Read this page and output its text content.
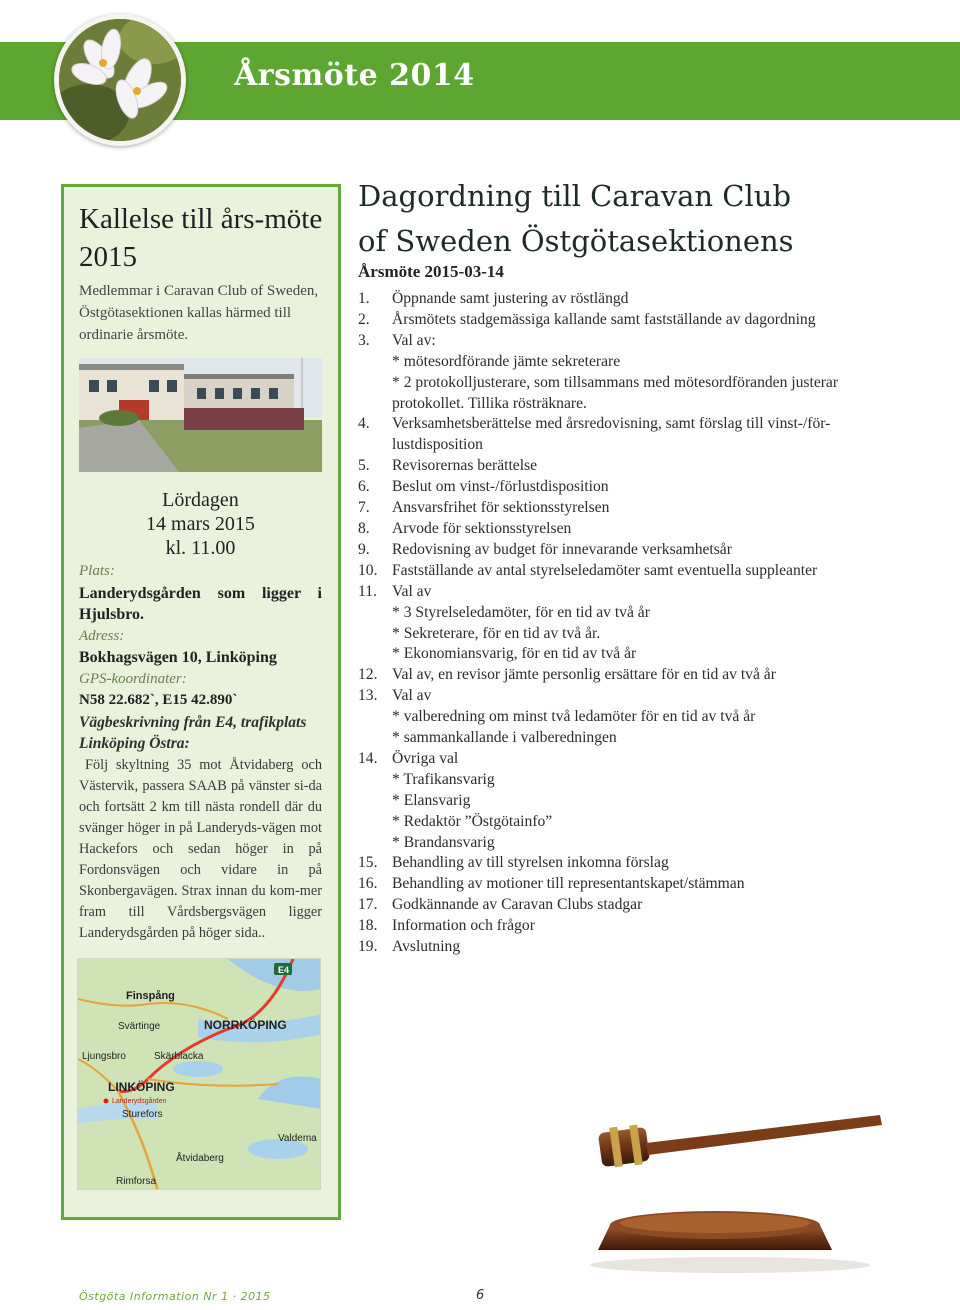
Årsmöte 2014
Kallelse till års-möte 2015
Medlemmar i Caravan Club of Sweden, Östgötasektionen kallas härmed till ordinarie årsmöte.
Lördagen
14 mars 2015
kl. 11.00
Plats:
Landerydsgården som ligger i Hjulsbro.
Adress:
Bokhagsvägen 10, Linköping
GPS-koordinater:
N58 22.682`, E15 42.890`
Vägbeskrivning från E4, trafikplats Linköping Östra:
Följ skyltning 35 mot Åtvidaberg och Västervik, passera SAAB på vänster si-da och fortsätt 2 km till nästa rondell där du svänger höger in på Landeryds-vägen mot Hackefors och sedan höger in på Fordonsvägen och vidare in på Skonbergavägen. Strax innan du kom-mer fram till Vårdsbergsvägen ligger Landerydsgården på höger sida..
E4
Finspång
Svärtinge	NORRKÖPING
Ljungsbro	Skärblacka
LINKÖPING
Landerydsgården
Sturefors
Åtvidaberg
Valdema
Rimforsa
Dagordning till Caravan Club
of Sweden Östgötasektionens
Årsmöte 2015-03-14
1. Öppnande samt justering av röstlängd
2. Årsmötets stadgemässiga kallande samt fastställande av dagordning
3. Val av:
* mötesordförande jämte sekreterare
* 2 protokolljusterare, som tillsammans med mötesordföranden justerar protokollet. Tillika rösträknare.
4. Verksamhetsberättelse med årsredovisning, samt förslag till vinst-/för-lustdisposition
5. Revisorernas berättelse
6. Beslut om vinst-/förlustdisposition
7. Ansvarsfrihet för sektionsstyrelsen
8. Arvode för sektionsstyrelsen
9. Redovisning av budget för innevarande verksamhetsår
10. Fastställande av antal styrelseledamöter samt eventuella suppleanter
11. Val av
* 3 Styrelseledamöter, för en tid av två år
* Sekreterare, för en tid av två år.
* Ekonomiansvarig, för en tid av två år
12. Val av, en revisor jämte personlig ersättare för en tid av två år
13. Val av
* valberedning om minst två ledamöter för en tid av två år
* sammankallande i valberedningen
14. Övriga val
* Trafikansvarig
* Elansvarig
* Redaktör ”Östgötainfo”
* Brandansvarig
15. Behandling av till styrelsen inkomna förslag
16. Behandling av motioner till representantskapet/stämman
17. Godkännande av Caravan Clubs stadgar
18. Information och frågor
19. Avslutning
Östgöta Information Nr 1 · 2015	6
